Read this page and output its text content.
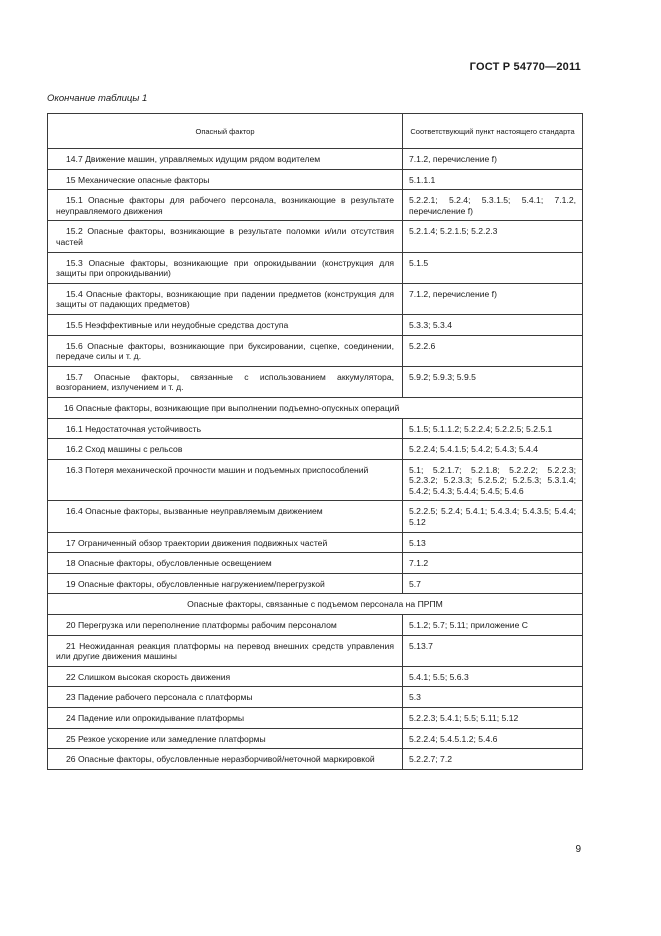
ГОСТ Р 54770—2011
Окончание таблицы 1
Опасный фактор	Соответствующий пункт настоящего стандарта

14.7 Движение машин, управляемых идущим рядом водителем	7.1.2, перечисление f)

15 Механические опасные факторы	5.1.1.1

15.1 Опасные факторы для рабочего персонала, возникающие в результате неуправляемого движения	5.2.2.1; 5.2.4; 5.3.1.5; 5.4.1; 7.1.2, перечисление f)

15.2 Опасные факторы, возникающие в результате поломки и/или отсутствия частей	5.2.1.4; 5.2.1.5; 5.2.2.3

15.3 Опасные факторы, возникающие при опрокидывании (конструкция для защиты при опрокидывании)	5.1.5

15.4 Опасные факторы, возникающие при падении предметов (конструкция для защиты от падающих предметов)	7.1.2, перечисление f)

15.5 Неэффективные или неудобные средства доступа	5.3.3; 5.3.4

15.6 Опасные факторы, возникающие при буксировании, сцепке, соединении, передаче силы и т. д.	5.2.2.6

15.7 Опасные факторы, связанные с использованием аккумулятора, возгоранием, излучением и т. д.	5.9.2; 5.9.3; 5.9.5

16 Опасные факторы, возникающие при выполнении подъемно-опускных операций	

16.1 Недостаточная устойчивость	5.1.5; 5.1.1.2; 5.2.2.4; 5.2.2.5; 5.2.5.1

16.2 Сход машины с рельсов	5.2.2.4; 5.4.1.5; 5.4.2; 5.4.3; 5.4.4

16.3 Потеря механической прочности машин и подъемных приспособлений	5.1; 5.2.1.7; 5.2.1.8; 5.2.2.2; 5.2.2.3; 5.2.3.2; 5.2.3.3; 5.2.5.2; 5.2.5.3; 5.3.1.4; 5.4.2; 5.4.3; 5.4.4; 5.4.5; 5.4.6

16.4 Опасные факторы, вызванные неуправляемым движением	5.2.2.5; 5.2.4; 5.4.1; 5.4.3.4; 5.4.3.5; 5.4.4; 5.12

17 Ограниченный обзор траектории движения подвижных частей	5.13

18 Опасные факторы, обусловленные освещением	7.1.2

19 Опасные факторы, обусловленные нагружением/перегрузкой	5.7

Опасные факторы, связанные с подъемом персонала на ПРПМ	

20 Перегрузка или переполнение платформы рабочим персоналом	5.1.2; 5.7; 5.11; приложение С

21 Неожиданная реакция платформы на перевод внешних средств управления или другие движения машины	5.13.7

22 Слишком высокая скорость движения	5.4.1; 5.5; 5.6.3

23 Падение рабочего персонала с платформы	5.3

24 Падение или опрокидывание платформы	5.2.2.3; 5.4.1; 5.5; 5.11; 5.12

25 Резкое ускорение или замедление платформы	5.2.2.4; 5.4.5.1.2; 5.4.6

26 Опасные факторы, обусловленные неразборчивой/неточной маркировкой	5.2.2.7; 7.2
9
